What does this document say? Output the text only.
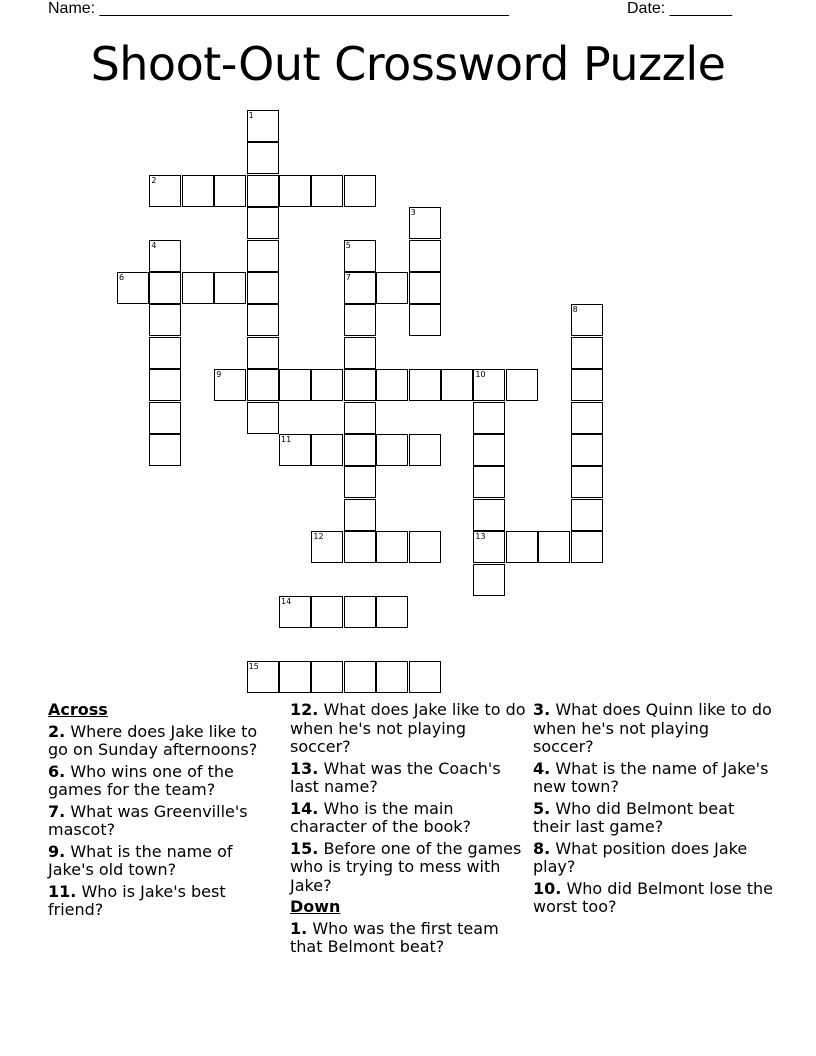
Name: ______________________________________________	Date: _______
Shoot-Out Crossword Puzzle
1
2
3
4	5
6	7
8
9	10
11
12	13
14
15
Across
2. Where does Jake like to go on Sunday afternoons?
6. Who wins one of the games for the team?
7. What was Greenville's mascot?
9. What is the name of Jake's old town?
11. Who is Jake's best friend?
12. What does Jake like to do when he's not playing soccer?
13. What was the Coach's last name?
14. Who is the main character of the book?
15. Before one of the games who is trying to mess with Jake?
Down
1. Who was the first team that Belmont beat?
3. What does Quinn like to do when he's not playing soccer?
4. What is the name of Jake's new town?
5. Who did Belmont beat their last game?
8. What position does Jake play?
10. Who did Belmont lose the worst too?
